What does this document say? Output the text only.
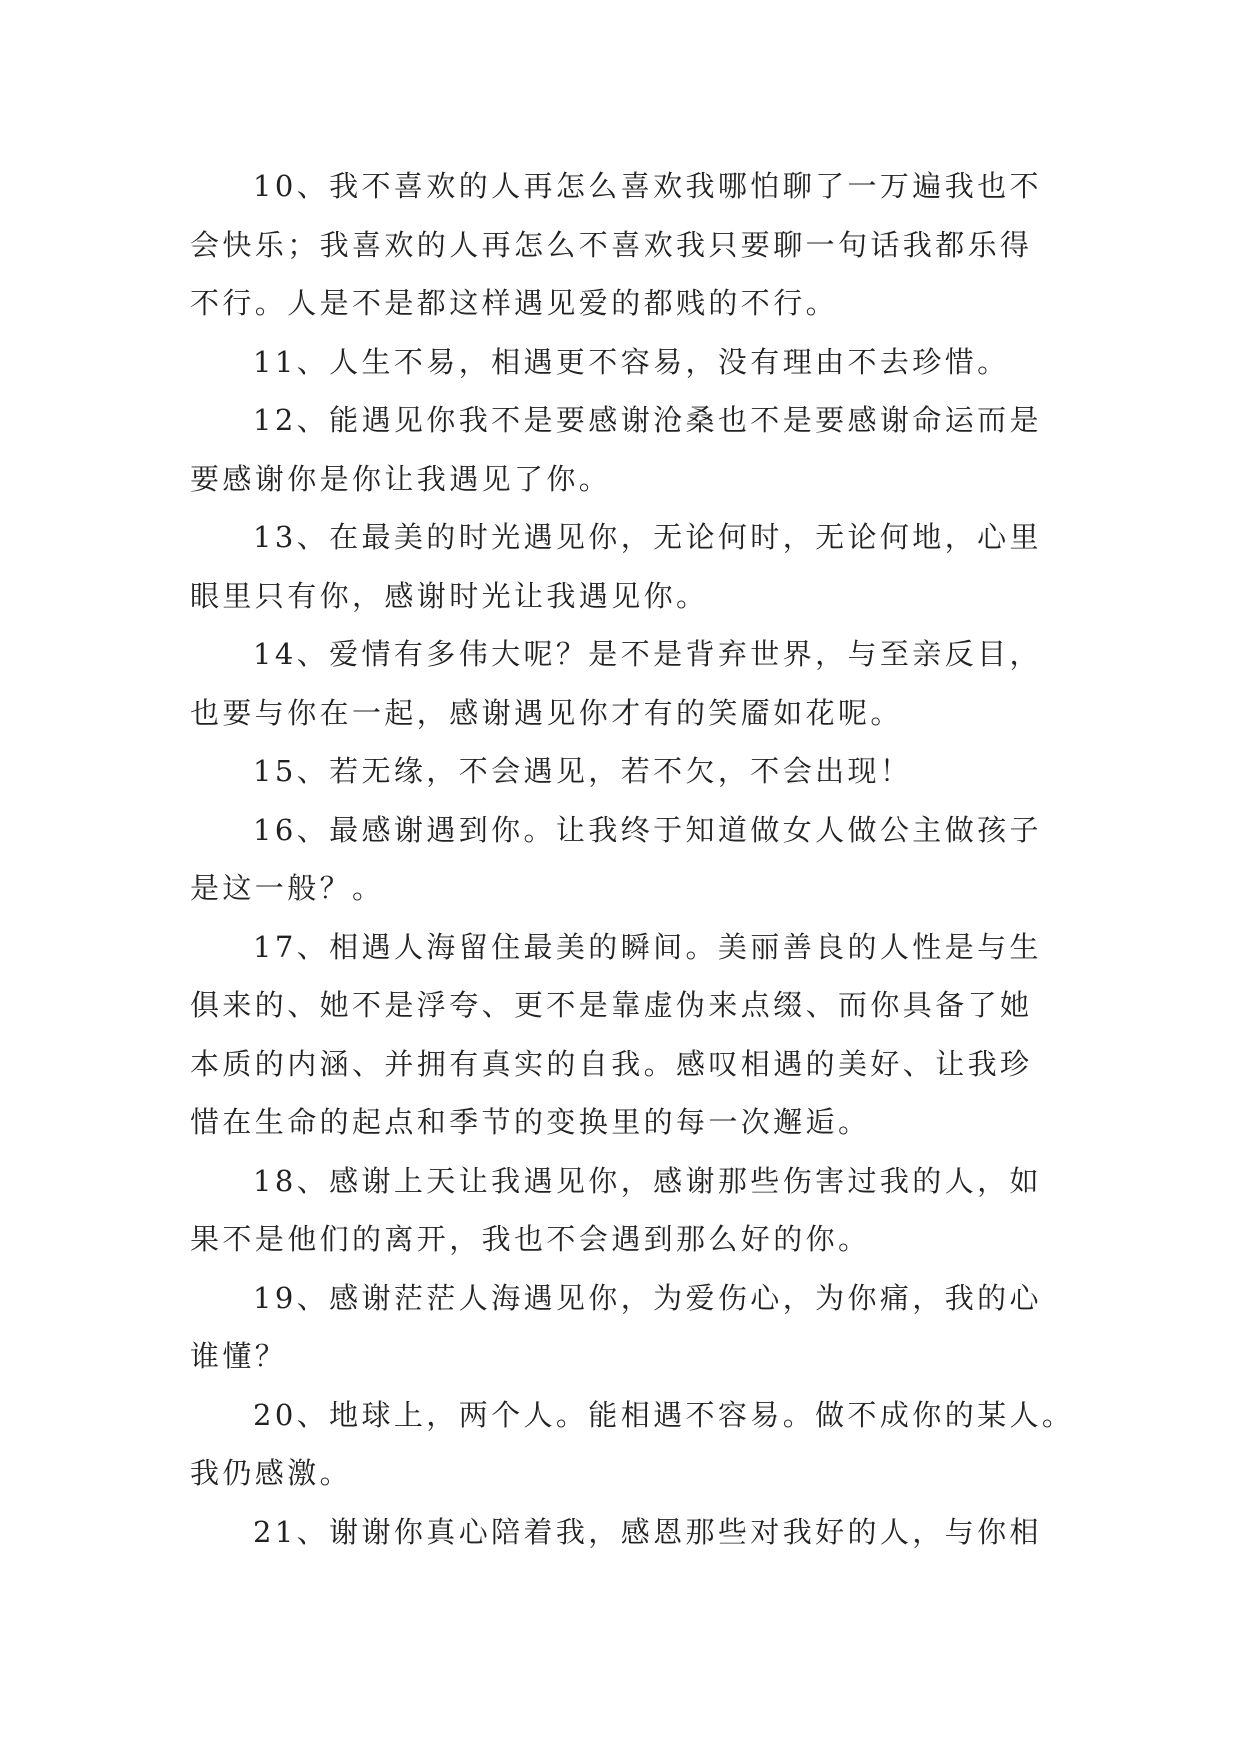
10、我不喜欢的人再怎么喜欢我哪怕聊了一万遍我也不
会快乐；我喜欢的人再怎么不喜欢我只要聊一句话我都乐得
不行。人是不是都这样遇见爱的都贱的不行。
11、人生不易，相遇更不容易，没有理由不去珍惜。
12、能遇见你我不是要感谢沧桑也不是要感谢命运而是
要感谢你是你让我遇见了你。
13、在最美的时光遇见你，无论何时，无论何地，心里
眼里只有你，感谢时光让我遇见你。
14、爱情有多伟大呢？是不是背弃世界，与至亲反目，
也要与你在一起，感谢遇见你才有的笑靥如花呢。
15、若无缘，不会遇见，若不欠，不会出现！
16、最感谢遇到你。让我终于知道做女人做公主做孩子
是这一般？。
17、相遇人海留住最美的瞬间。美丽善良的人性是与生
俱来的、她不是浮夸、更不是靠虚伪来点缀、而你具备了她
本质的内涵、并拥有真实的自我。感叹相遇的美好、让我珍
惜在生命的起点和季节的变换里的每一次邂逅。
18、感谢上天让我遇见你，感谢那些伤害过我的人，如
果不是他们的离开，我也不会遇到那么好的你。
19、感谢茫茫人海遇见你，为爱伤心，为你痛，我的心
谁懂？
20、地球上，两个人。能相遇不容易。做不成你的某人。
我仍感激。
21、谢谢你真心陪着我，感恩那些对我好的人，与你相
